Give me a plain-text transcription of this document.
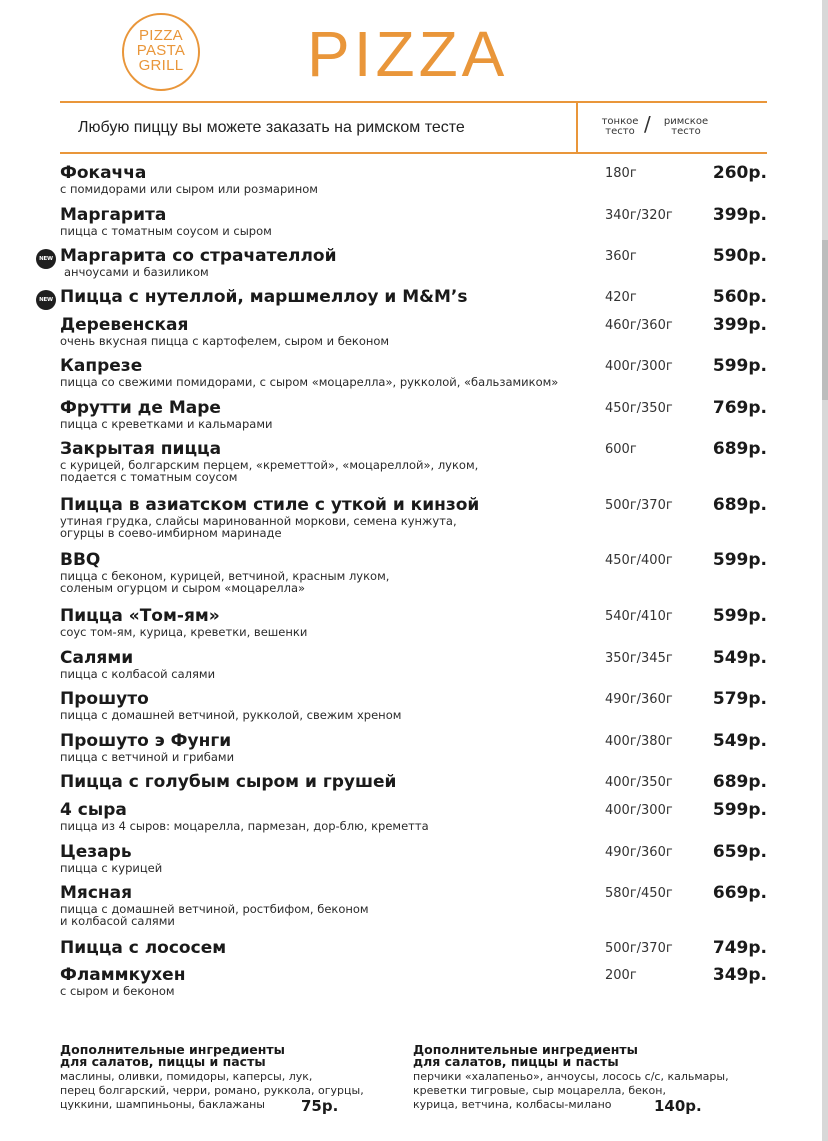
PIZZA
PASTA
GRILL PIZZA
Любую пиццу вы можете заказать на римском тесте	тонкое
тесто /	римское
тесто
Фокачча
с помидорами или сыром или розмарином
180г	260р.
Маргарита
пицца с томатным соусом и сыром
340г/320г 399р.
NEW Маргарита со страчателлой
анчоусами и базиликом
360г	590р.
NEW Пицца с нутеллой, маршмеллоу и M&M’s	420г	560р.
Деревенская
очень вкусная пицца с картофелем, сыром и беконом
460г/360г 399р.
Капрезе
пицца со свежими помидорами, с сыром «моцарелла», рукколой, «бальзамиком»
400г/300г 599р.
Фрутти де Маре
пицца с креветками и кальмарами
450г/350г 769р.
Закрытая пицца
с курицей, болгарским перцем, «креметтой», «моцареллой», луком,
подается с томатным соусом
600г	689р.
Пицца в азиатском стиле с уткой и кинзой
утиная грудка, слайсы маринованной моркови, семена кунжута,
огурцы в соево-имбирном маринаде
500г/370г 689р.
BBQ
пицца с беконом, курицей, ветчиной, красным луком,
соленым огурцом и сыром «моцарелла»
450г/400г 599р.
Пицца «Том-ям»
соус том-ям, курица, креветки, вешенки
540г/410г 599р.
Салями
пицца с колбасой салями
350г/345г 549р.
Прошуто
пицца с домашней ветчиной, рукколой, свежим хреном
490г/360г 579р.
Прошуто э Фунги
пицца с ветчиной и грибами
400г/380г 549р.
Пицца с голубым сыром и грушей	400г/350г 689р.
4 сыра
пицца из 4 сыров: моцарелла, пармезан, дор-блю, креметта
400г/300г 599р.
Цезарь
пицца с курицей
490г/360г 659р.
Мясная
пицца с домашней ветчиной, ростбифом, беконом
и колбасой салями
580г/450г 669р.
Пицца с лососем	500г/370г 749р.
Фламмкухен
с сыром и беконом
200г	349р.
Дополнительные ингредиенты
для салатов, пиццы и пасты
маслины, оливки, помидоры, каперсы, лук,
перец болгарский, черри, романо, руккола, огурцы,
цуккини, шампиньоны, баклажаны	75р.
Дополнительные ингредиенты
для салатов, пиццы и пасты
перчики «халапеньо», анчоусы, лосось с/с, кальмары,
креветки тигровые, сыр моцарелла, бекон,
курица, ветчина, колбасы-милано	140р.
